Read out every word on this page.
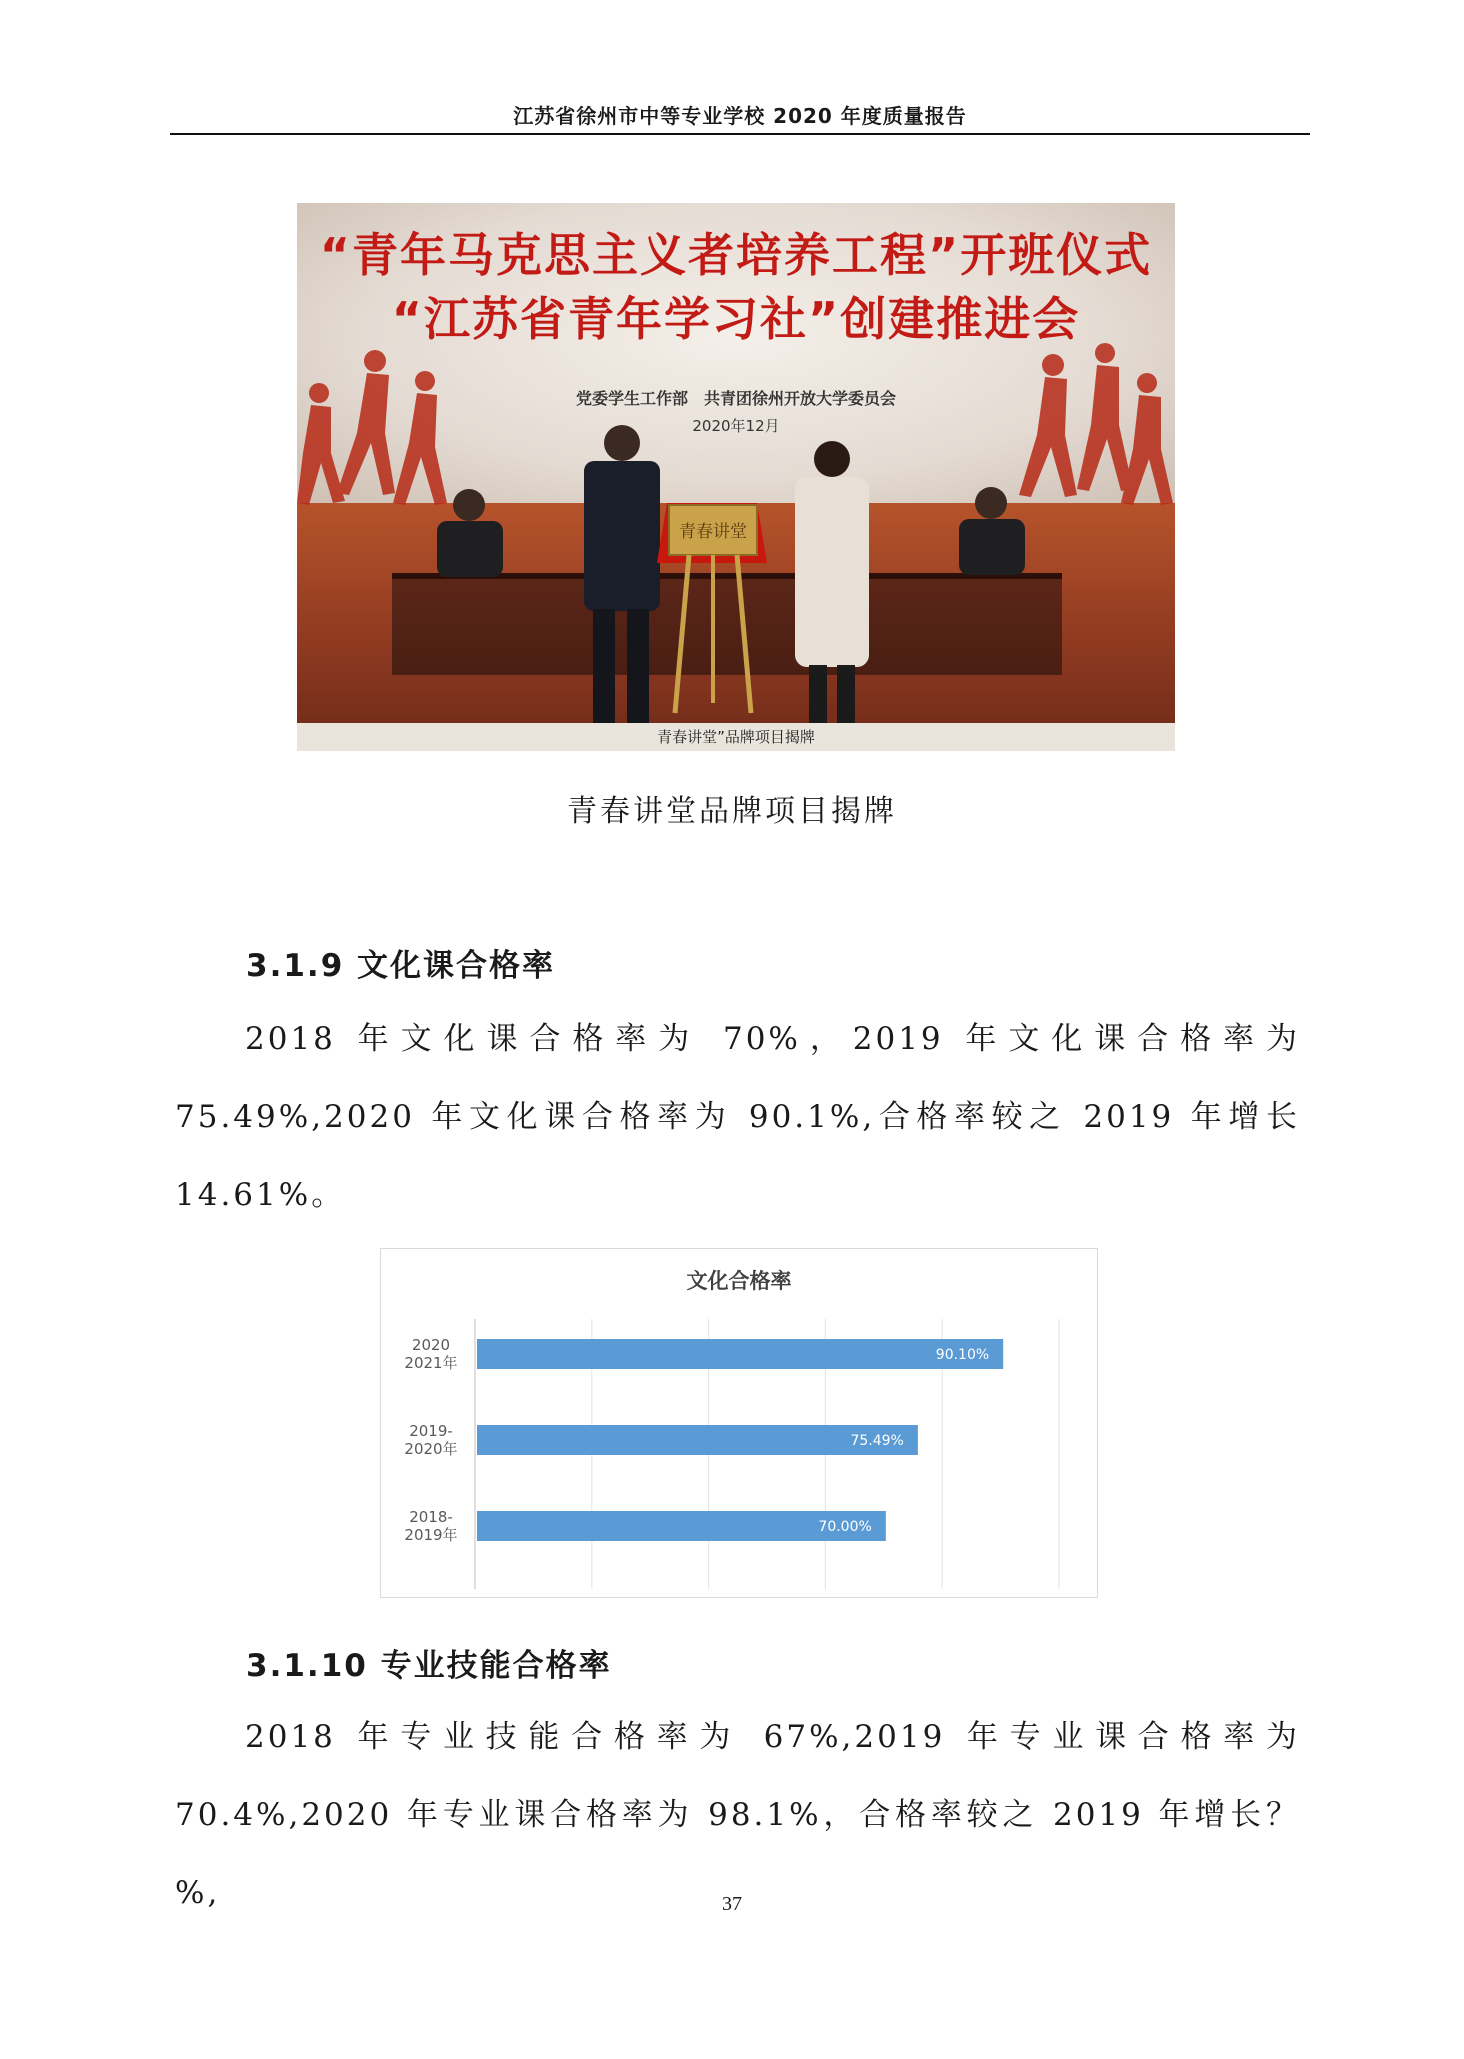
江苏省徐州市中等专业学校 2020 年度质量报告
“青年马克思主义者培养工程”开班仪式
“江苏省青年学习社”创建推进会
党委学生工作部　共青团徐州开放大学委员会
2020年12月
青春讲堂
青春讲堂”品牌项目揭牌
青春讲堂品牌项目揭牌
3.1.9 文化课合格率
2018 年文化课合格率为 70%，2019 年文化课合格率为 75.49%,2020 年文化课合格率为 90.1%,合格率较之 2019 年增长 14.61%。
文化合格率
70.00%
2018-
2019年
75.49%
2019-
2020年
90.10%
2020
2021年
3.1.10 专业技能合格率
2018 年专业技能合格率为 67%,2019 年专业课合格率为 70.4%,2020 年专业课合格率为 98.1%，合格率较之 2019 年增长？%,	37
